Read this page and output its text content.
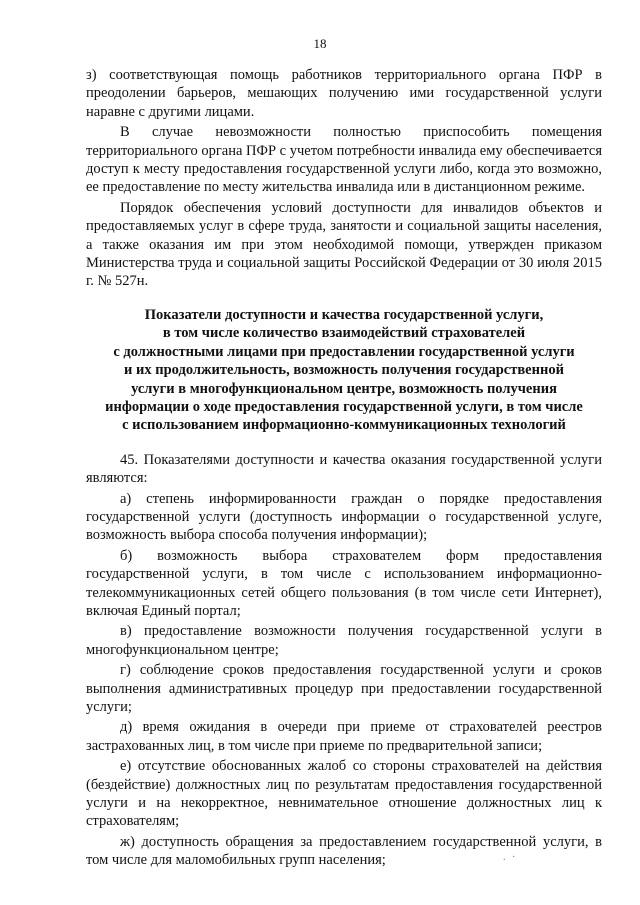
18

з) соответствующая помощь работников территориального органа ПФР в преодолении барьеров, мешающих получению ими государственной услуги наравне с другими лицами.

В случае невозможности полностью приспособить помещения территориального органа ПФР с учетом потребности инвалида ему обеспечивается доступ к месту предоставления государственной услуги либо, когда это возможно, ее предоставление по месту жительства инвалида или в дистанционном режиме.

Порядок обеспечения условий доступности для инвалидов объектов и предоставляемых услуг в сфере труда, занятости и социальной защиты населения, а также оказания им при этом необходимой помощи, утвержден приказом Министерства труда и социальной защиты Российской Федерации от 30 июля 2015 г. № 527н.

Показатели доступности и качества государственной услуги,
в том числе количество взаимодействий страхователей
с должностными лицами при предоставлении государственной услуги
и их продолжительность, возможность получения государственной
услуги в многофункциональном центре, возможность получения
информации о ходе предоставления государственной услуги, в том числе
с использованием информационно-коммуникационных технологий

45. Показателями доступности и качества оказания государственной услуги являются:

а) степень информированности граждан о порядке предоставления государственной услуги (доступность информации о государственной услуге, возможность выбора способа получения информации);

б) возможность выбора страхователем форм предоставления государственной услуги, в том числе с использованием информационно-телекоммуникационных сетей общего пользования (в том числе сети Интернет), включая Единый портал;

в) предоставление возможности получения государственной услуги в многофункциональном центре;

г) соблюдение сроков предоставления государственной услуги и сроков выполнения административных процедур при предоставлении государственной услуги;

д) время ожидания в очереди при приеме от страхователей реестров застрахованных лиц, в том числе при приеме по предварительной записи;

е) отсутствие обоснованных жалоб со стороны страхователей на действия (бездействие) должностных лиц по результатам предоставления государственной услуги и на некорректное, невнимательное отношение должностных лиц к страхователям;

ж) доступность обращения за предоставлением государственной услуги, в том числе для маломобильных групп населения;	. ·
